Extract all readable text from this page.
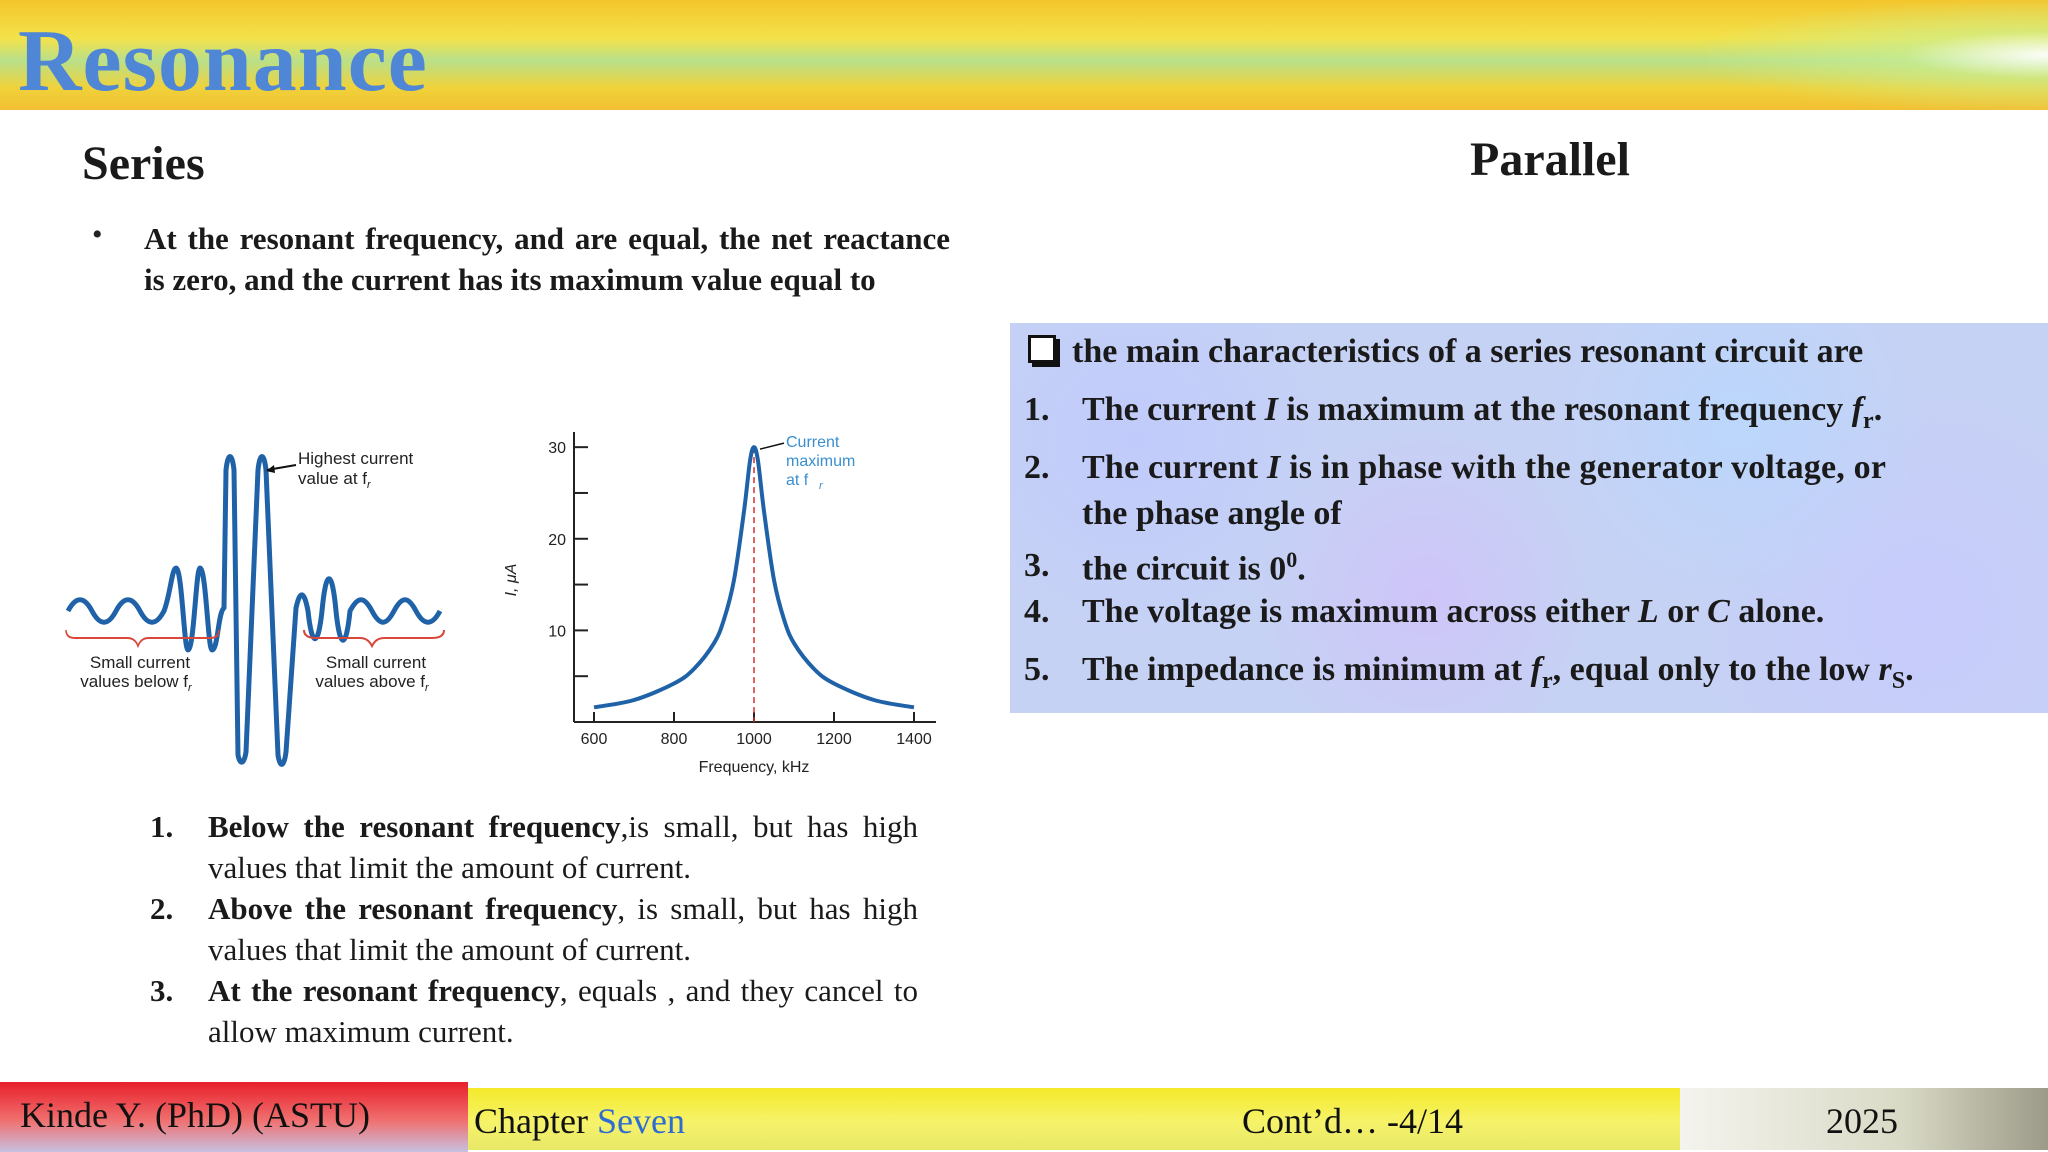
Resonance
Series	Parallel
• At the resonant frequency, and are equal, the net reactance is zero, and the current has its maximum value equal to
Highest current
value at $f_r$
Small current
values below $f_r$
Small current
values above $f_r$
10
20
30
600	800	1000	1200	1400
Frequency, kHz
I, μA
Current
maximum
at f r
the main characteristics of a series resonant circuit are
1. The current I is maximum at the resonant frequency $f_r$.
2. The current I is in phase with the generator voltage, or
the phase angle of
3. the circuit is $0^0$.
4. The voltage is maximum across either L or C alone.
5. The impedance is minimum at $f_r$, equal only to the low $r_S$.
1. Below the resonant frequency,is small, but has high values that limit the amount of current.
2. Above the resonant frequency, is small, but has high values that limit the amount of current.
3. At the resonant frequency, equals , and they cancel to allow maximum current.
Kinde Y. (PhD) (ASTU)	Chapter Seven	Cont’d… -4/14	2025
